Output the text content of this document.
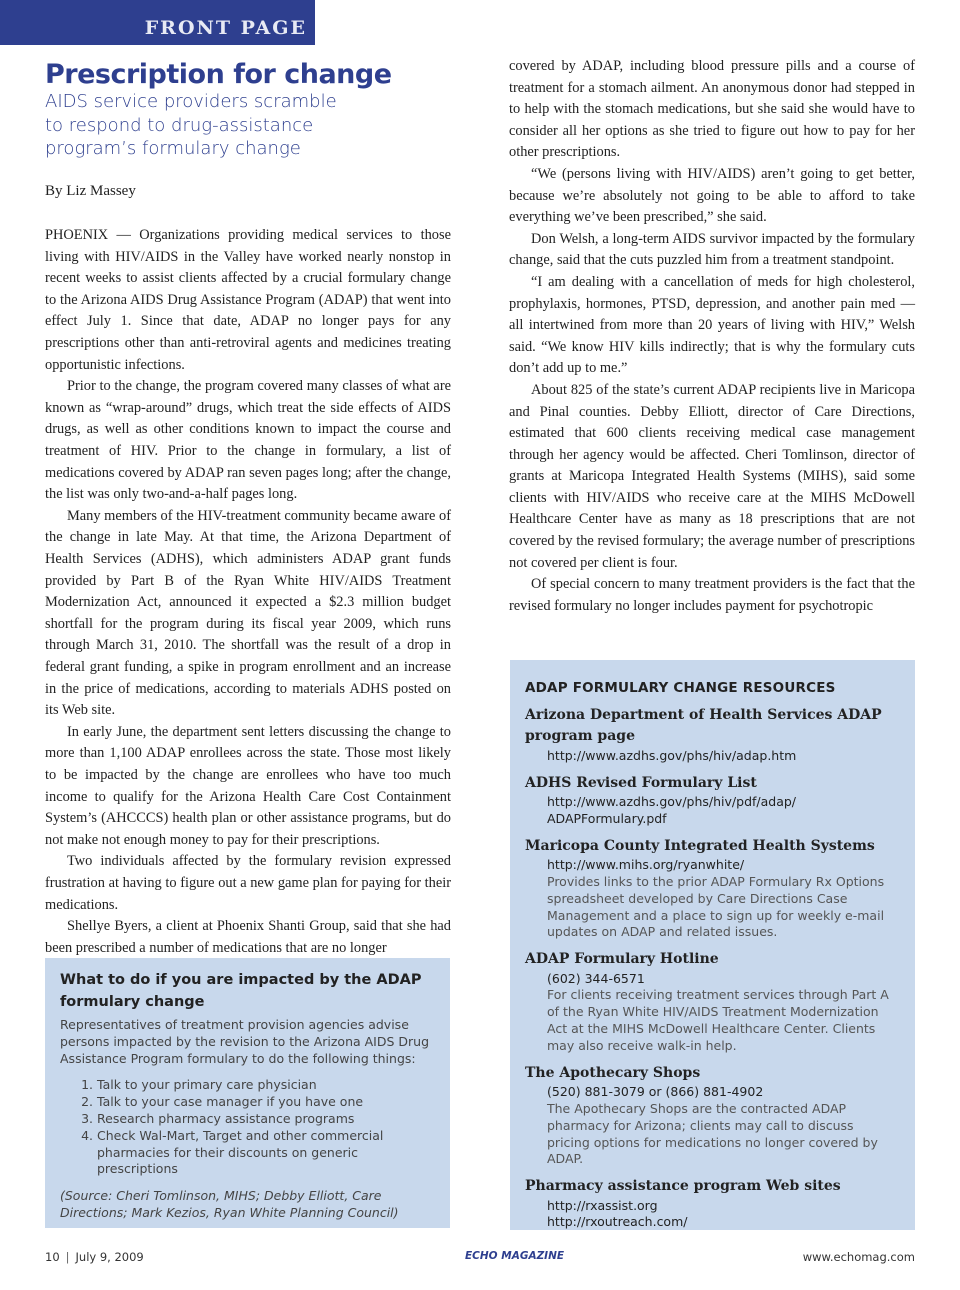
FRONT PAGE
Prescription for change
AIDS service providers scramble
to respond to drug-assistance
program’s formulary change
By Liz Massey

PHOENIX — Organizations providing medical services to those living with HIV/AIDS in the Valley have worked nearly nonstop in recent weeks to assist clients affected by a crucial formulary change to the Arizona AIDS Drug Assistance Program (ADAP) that went into effect July 1. Since that date, ADAP no longer pays for any prescriptions other than anti-retroviral agents and medicines treating opportunistic infections.

Prior to the change, the program covered many classes of what are known as “wrap-around” drugs, which treat the side effects of AIDS drugs, as well as other conditions known to impact the course and treatment of HIV. Prior to the change in formulary, a list of medications covered by ADAP ran seven pages long; after the change, the list was only two-and-a-half pages long.

Many members of the HIV-treatment community became aware of the change in late May. At that time, the Arizona Department of Health Services (ADHS), which administers ADAP grant funds provided by Part B of the Ryan White HIV/AIDS Treatment Modernization Act, announced it expected a $2.3 million budget shortfall for the program during its fiscal year 2009, which runs through March 31, 2010. The shortfall was the result of a drop in federal grant funding, a spike in program enrollment and an increase in the price of medications, according to materials ADHS posted on its Web site.

In early June, the department sent letters discussing the change to more than 1,100 ADAP enrollees across the state. Those most likely to be impacted by the change are enrollees who have too much income to qualify for the Arizona Health Care Cost Containment System’s (AHCCCS) health plan or other assistance programs, but do not make not enough money to pay for their prescriptions.

Two individuals affected by the formulary revision expressed frustration at having to figure out a new game plan for paying for their medications.

Shellye Byers, a client at Phoenix Shanti Group, said that she had been prescribed a number of medications that are no longer

covered by ADAP, including blood pressure pills and a course of treatment for a stomach ailment. An anonymous donor had stepped in to help with the stomach medications, but she said she would have to consider all her options as she tried to figure out how to pay for her other prescriptions.

“We (persons living with HIV/AIDS) aren’t going to get better, because we’re absolutely not going to be able to afford to take everything we’ve been prescribed,” she said.

Don Welsh, a long-term AIDS survivor impacted by the formulary change, said that the cuts puzzled him from a treatment standpoint.

“I am dealing with a cancellation of meds for high cholesterol, prophylaxis, hormones, PTSD, depression, and another pain med — all intertwined from more than 20 years of living with HIV,” Welsh said. “We know HIV kills indirectly; that is why the formulary cuts don’t add up to me.”

About 825 of the state’s current ADAP recipients live in Maricopa and Pinal counties. Debby Elliott, director of Care Directions, estimated that 600 clients receiving medical case management through her agency would be affected. Cheri Tomlinson, director of grants at Maricopa Integrated Health Systems (MIHS), said some clients with HIV/AIDS who receive care at the MIHS McDowell Healthcare Center have as many as 18 prescriptions that are not covered by the revised formulary; the average number of prescriptions not covered per client is four.

Of special concern to many treatment providers is the fact that the revised formulary no longer includes payment for psychotropic

What to do if you are impacted by the ADAP formulary change
Representatives of treatment provision agencies advise persons impacted by the revision to the Arizona AIDS Drug Assistance Program formulary to do the following things:
1. Talk to your primary care physician
2. Talk to your case manager if you have one
3. Research pharmacy assistance programs
4. Check Wal-Mart, Target and other commercial pharmacies for their discounts on generic prescriptions

(Source: Cheri Tomlinson, MIHS; Debby Elliott, Care Directions; Mark Kezios, Ryan White Planning Council)

ADAP FORMULARY CHANGE RESOURCES
Arizona Department of Health Services ADAP program page
http://www.azdhs.gov/phs/hiv/adap.htm
ADHS Revised Formulary List
http://www.azdhs.gov/phs/hiv/pdf/adap/
ADAPFormulary.pdf
Maricopa County Integrated Health Systems
http://www.mihs.org/ryanwhite/
Provides links to the prior ADAP Formulary Rx Options spreadsheet developed by Care Directions Case Management and a place to sign up for weekly e-mail updates on ADAP and related issues.
ADAP Formulary Hotline
(602) 344-6571
For clients receiving treatment services through Part A of the Ryan White HIV/AIDS Treatment Modernization Act at the MIHS McDowell Healthcare Center. Clients may also receive walk-in help.
The Apothecary Shops
(520) 881-3079 or (866) 881-4902
The Apothecary Shops are the contracted ADAP pharmacy for Arizona; clients may call to discuss pricing options for medications no longer covered by ADAP.
Pharmacy assistance program Web sites
http://rxassist.org
http://rxoutreach.com/
10 | July 9, 2009	ECHO MAGAZINE	www.echomag.com
